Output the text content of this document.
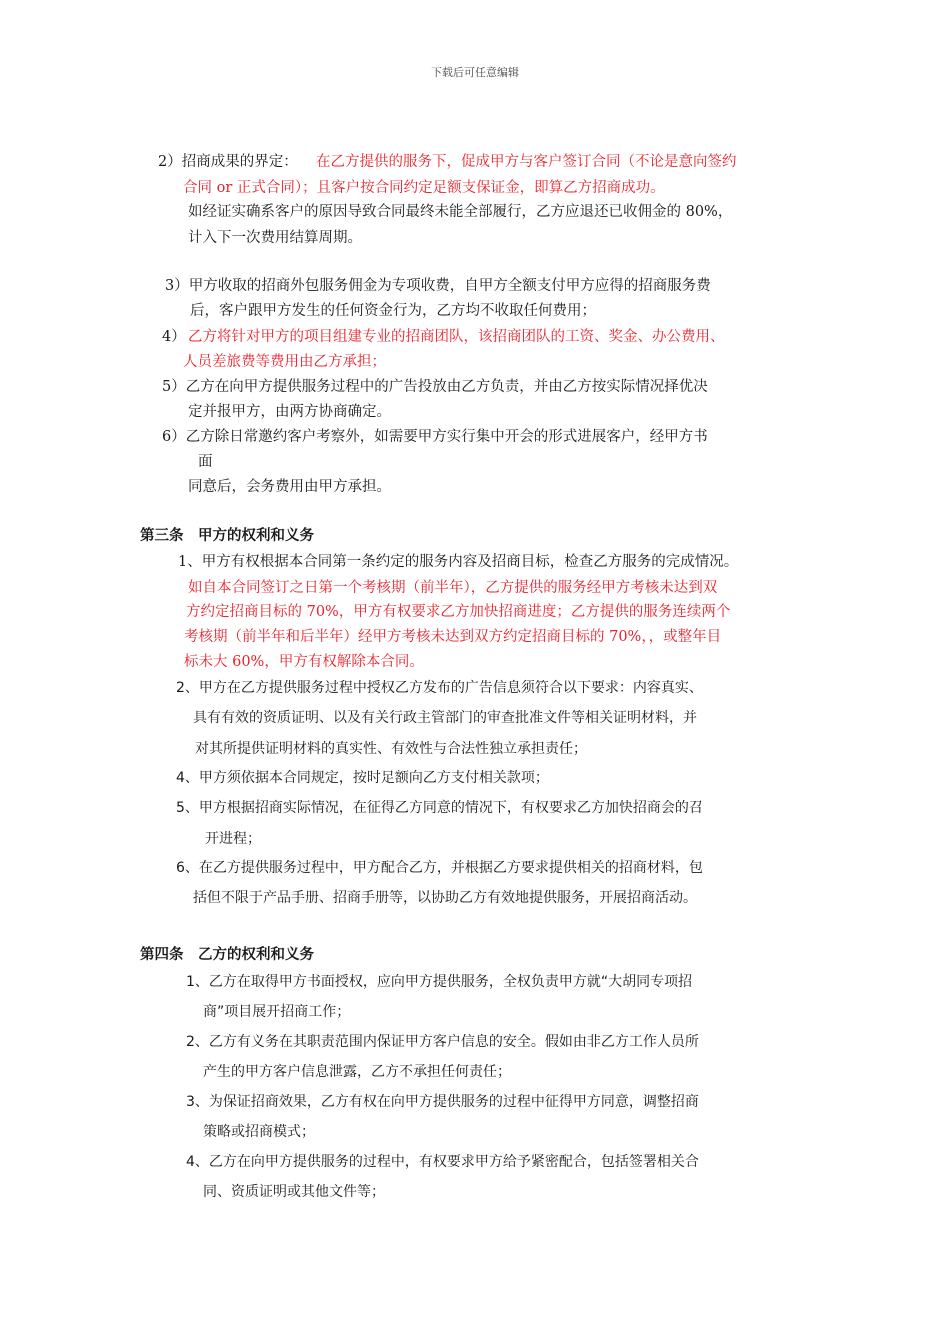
下载后可任意编辑
2）招商成果的界定： 在乙方提供的服务下，促成甲方与客户签订合同（不论是意向签约
合同 or 正式合同）；且客户按合同约定足额支保证金，即算乙方招商成功。
如经证实确系客户的原因导致合同最终未能全部履行，乙方应退还已收佣金的 80%，
计入下一次费用结算周期。
3）甲方收取的招商外包服务佣金为专项收费，自甲方全额支付甲方应得的招商服务费
后，客户跟甲方发生的任何资金行为，乙方均不收取任何费用；
4） 乙方将针对甲方的项目组建专业的招商团队，该招商团队的工资、奖金、办公费用、
人员差旅费等费用由乙方承担；
5）乙方在向甲方提供服务过程中的广告投放由乙方负责，并由乙方按实际情况择优决
定并报甲方，由两方协商确定。
6）乙方除日常邀约客户考察外，如需要甲方实行集中开会的形式进展客户，经甲方书
面
同意后，会务费用由甲方承担。
第三条　甲方的权利和义务
1、甲方有权根据本合同第一条约定的服务内容及招商目标，检查乙方服务的完成情况。
如自本合同签订之日第一个考核期（前半年），乙方提供的服务经甲方考核未达到双
方约定招商目标的 70%，甲方有权要求乙方加快招商进度；乙方提供的服务连续两个
考核期（前半年和后半年）经甲方考核未达到双方约定招商目标的 70%，，或整年目
标未大 60%，甲方有权解除本合同。
2、甲方在乙方提供服务过程中授权乙方发布的广告信息须符合以下要求：内容真实、
具有有效的资质证明、以及有关行政主管部门的审查批准文件等相关证明材料，并
对其所提供证明材料的真实性、有效性与合法性独立承担责任；
4、甲方须依据本合同规定，按时足额向乙方支付相关款项；
5、甲方根据招商实际情况，在征得乙方同意的情况下，有权要求乙方加快招商会的召
开进程；
6、在乙方提供服务过程中，甲方配合乙方，并根据乙方要求提供相关的招商材料，包
括但不限于产品手册、招商手册等，以协助乙方有效地提供服务，开展招商活动。
第四条　乙方的权利和义务
1、乙方在取得甲方书面授权，应向甲方提供服务，全权负责甲方就“大胡同专项招
商”项目展开招商工作；
2、乙方有义务在其职责范围内保证甲方客户信息的安全。假如由非乙方工作人员所
产生的甲方客户信息泄露，乙方不承担任何责任；
3、为保证招商效果，乙方有权在向甲方提供服务的过程中征得甲方同意，调整招商
策略或招商模式；
4、乙方在向甲方提供服务的过程中，有权要求甲方给予紧密配合，包括签署相关合
同、资质证明或其他文件等；
